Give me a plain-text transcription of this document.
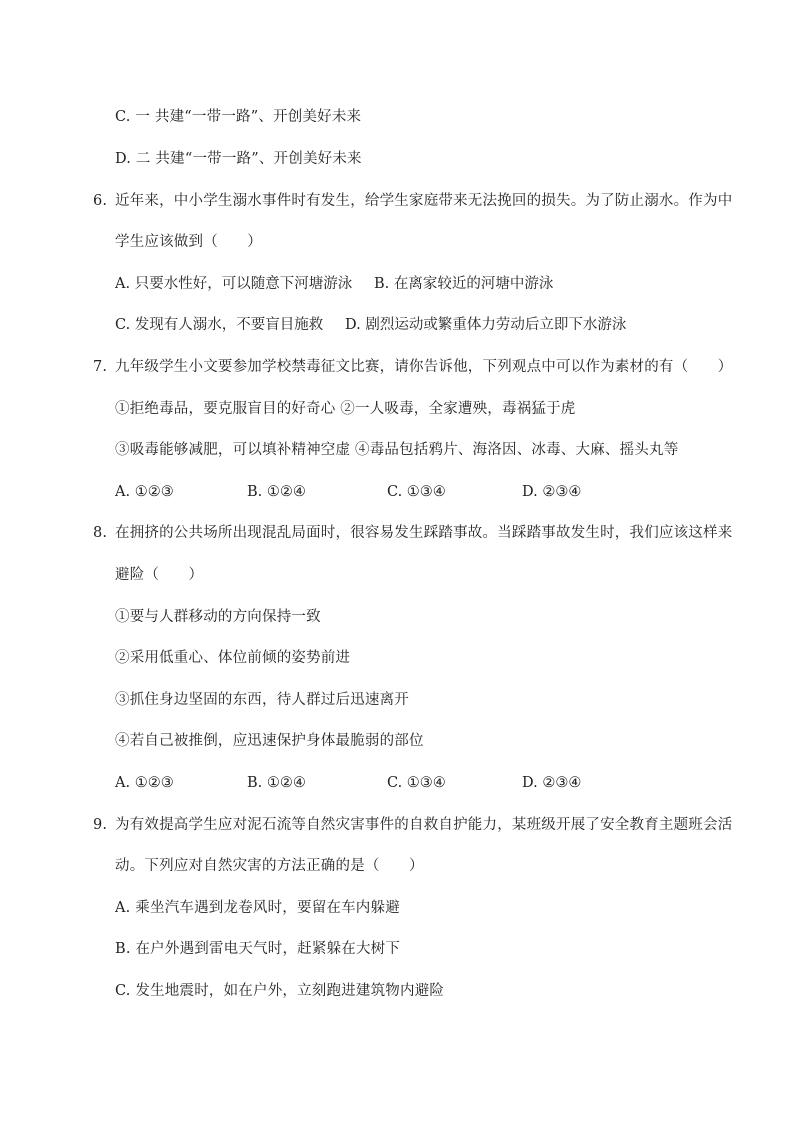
C. 一 共建“一带一路”、开创美好未来
D. 二 共建“一带一路”、开创美好未来
6. 近年来，中小学生溺水事件时有发生，给学生家庭带来无法挽回的损失。为了防止溺水。作为中
学生应该做到（　　）
A. 只要水性好，可以随意下河塘游泳 B. 在离家较近的河塘中游泳
C. 发现有人溺水，不要盲目施救 D. 剧烈运动或繁重体力劳动后立即下水游泳
7. 九年级学生小文要参加学校禁毒征文比赛，请你告诉他，下列观点中可以作为素材的有（　　）
①拒绝毒品，要克服盲目的好奇心 ②一人吸毒，全家遭殃，毒祸猛于虎
③吸毒能够减肥，可以填补精神空虚 ④毒品包括鸦片、海洛因、冰毒、大麻、摇头丸等
A. ①②③	B. ①②④	C. ①③④	D. ②③④
8. 在拥挤的公共场所出现混乱局面时，很容易发生踩踏事故。当踩踏事故发生时，我们应该这样来
避险（　　）
①要与人群移动的方向保持一致
②采用低重心、体位前倾的姿势前进
③抓住身边坚固的东西，待人群过后迅速离开
④若自己被推倒，应迅速保护身体最脆弱的部位
A. ①②③	B. ①②④	C. ①③④	D. ②③④
9. 为有效提高学生应对泥石流等自然灾害事件的自救自护能力，某班级开展了安全教育主题班会活
动。下列应对自然灾害的方法正确的是（　　）
A. 乘坐汽车遇到龙卷风时，要留在车内躲避
B. 在户外遇到雷电天气时，赶紧躲在大树下
C. 发生地震时，如在户外，立刻跑进建筑物内避险
